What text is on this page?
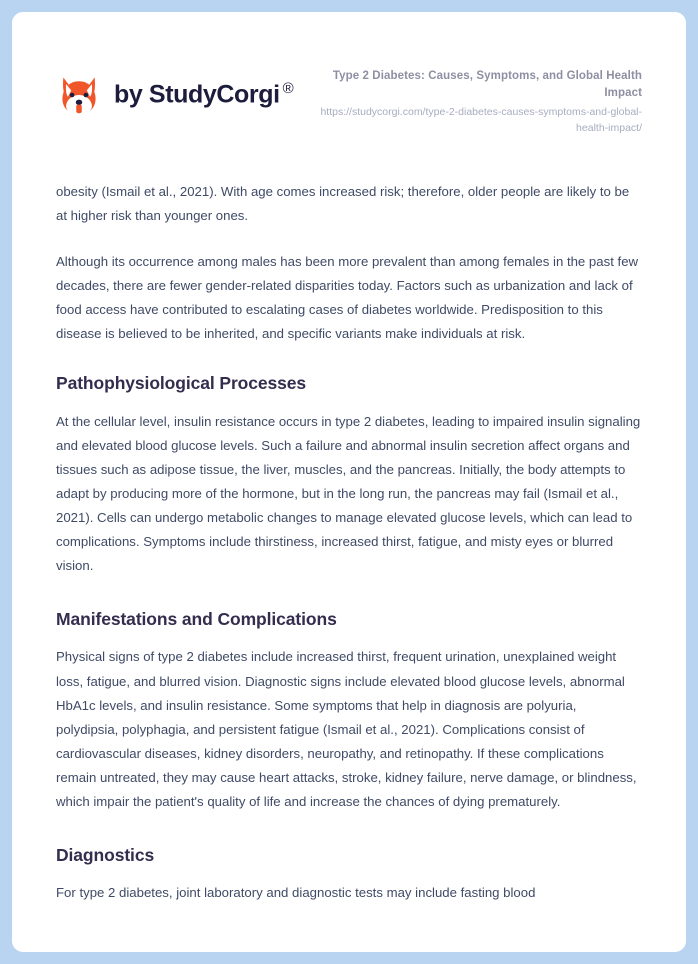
by StudyCorgi ®
Type 2 Diabetes: Causes, Symptoms, and Global Health Impact
https://studycorgi.com/type-2-diabetes-causes-symptoms-and-global-health-impact/

obesity (Ismail et al., 2021). With age comes increased risk; therefore, older people are likely to be at higher risk than younger ones.

Although its occurrence among males has been more prevalent than among females in the past few decades, there are fewer gender-related disparities today. Factors such as urbanization and lack of food access have contributed to escalating cases of diabetes worldwide. Predisposition to this disease is believed to be inherited, and specific variants make individuals at risk.

Pathophysiological Processes

At the cellular level, insulin resistance occurs in type 2 diabetes, leading to impaired insulin signaling and elevated blood glucose levels. Such a failure and abnormal insulin secretion affect organs and tissues such as adipose tissue, the liver, muscles, and the pancreas. Initially, the body attempts to adapt by producing more of the hormone, but in the long run, the pancreas may fail (Ismail et al., 2021). Cells can undergo metabolic changes to manage elevated glucose levels, which can lead to complications. Symptoms include thirstiness, increased thirst, fatigue, and misty eyes or blurred vision.

Manifestations and Complications

Physical signs of type 2 diabetes include increased thirst, frequent urination, unexplained weight loss, fatigue, and blurred vision. Diagnostic signs include elevated blood glucose levels, abnormal HbA1c levels, and insulin resistance. Some symptoms that help in diagnosis are polyuria, polydipsia, polyphagia, and persistent fatigue (Ismail et al., 2021). Complications consist of cardiovascular diseases, kidney disorders, neuropathy, and retinopathy. If these complications remain untreated, they may cause heart attacks, stroke, kidney failure, nerve damage, or blindness, which impair the patient's quality of life and increase the chances of dying prematurely.

Diagnostics

For type 2 diabetes, joint laboratory and diagnostic tests may include fasting blood
